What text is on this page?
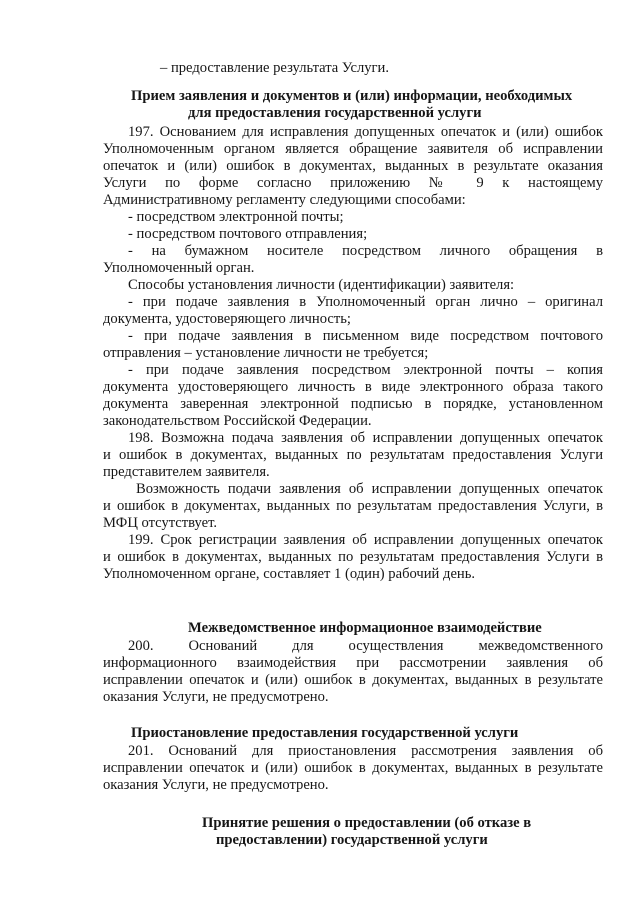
– предоставление результата Услуги.
Прием заявления и документов и (или) информации, необходимых
для предоставления государственной услуги
197. Основанием для исправления допущенных опечаток и (или) ошибок
Уполномоченным органом является обращение заявителя об исправлении
опечаток и (или) ошибок в документах, выданных в результате оказания
Услуги по форме согласно приложению № 9 к настоящему
Административному регламенту следующими способами:
- посредством электронной почты;
- посредством почтового отправления;
- на бумажном носителе посредством личного обращения в
Уполномоченный орган.
Способы установления личности (идентификации) заявителя:
- при подаче заявления в Уполномоченный орган лично – оригинал
документа, удостоверяющего личность;
- при подаче заявления в письменном виде посредством почтового
отправления – установление личности не требуется;
- при подаче заявления посредством электронной почты – копия
документа удостоверяющего личность в виде электронного образа такого
документа заверенная электронной подписью в порядке, установленном
законодательством Российской Федерации.
198. Возможна подача заявления об исправлении допущенных опечаток
и ошибок в документах, выданных по результатам предоставления Услуги
представителем заявителя.
Возможность подачи заявления об исправлении допущенных опечаток
и ошибок в документах, выданных по результатам предоставления Услуги, в
МФЦ отсутствует.
199. Срок регистрации заявления об исправлении допущенных опечаток
и ошибок в документах, выданных по результатам предоставления Услуги в
Уполномоченном органе, составляет 1 (один) рабочий день.
Межведомственное информационное взаимодействие
200. Оснований для осуществления межведомственного
информационного взаимодействия при рассмотрении заявления об
исправлении опечаток и (или) ошибок в документах, выданных в результате
оказания Услуги, не предусмотрено.
Приостановление предоставления государственной услуги
201. Оснований для приостановления рассмотрения заявления об
исправлении опечаток и (или) ошибок в документах, выданных в результате
оказания Услуги, не предусмотрено.
Принятие решения о предоставлении (об отказе в
предоставлении) государственной услуги
